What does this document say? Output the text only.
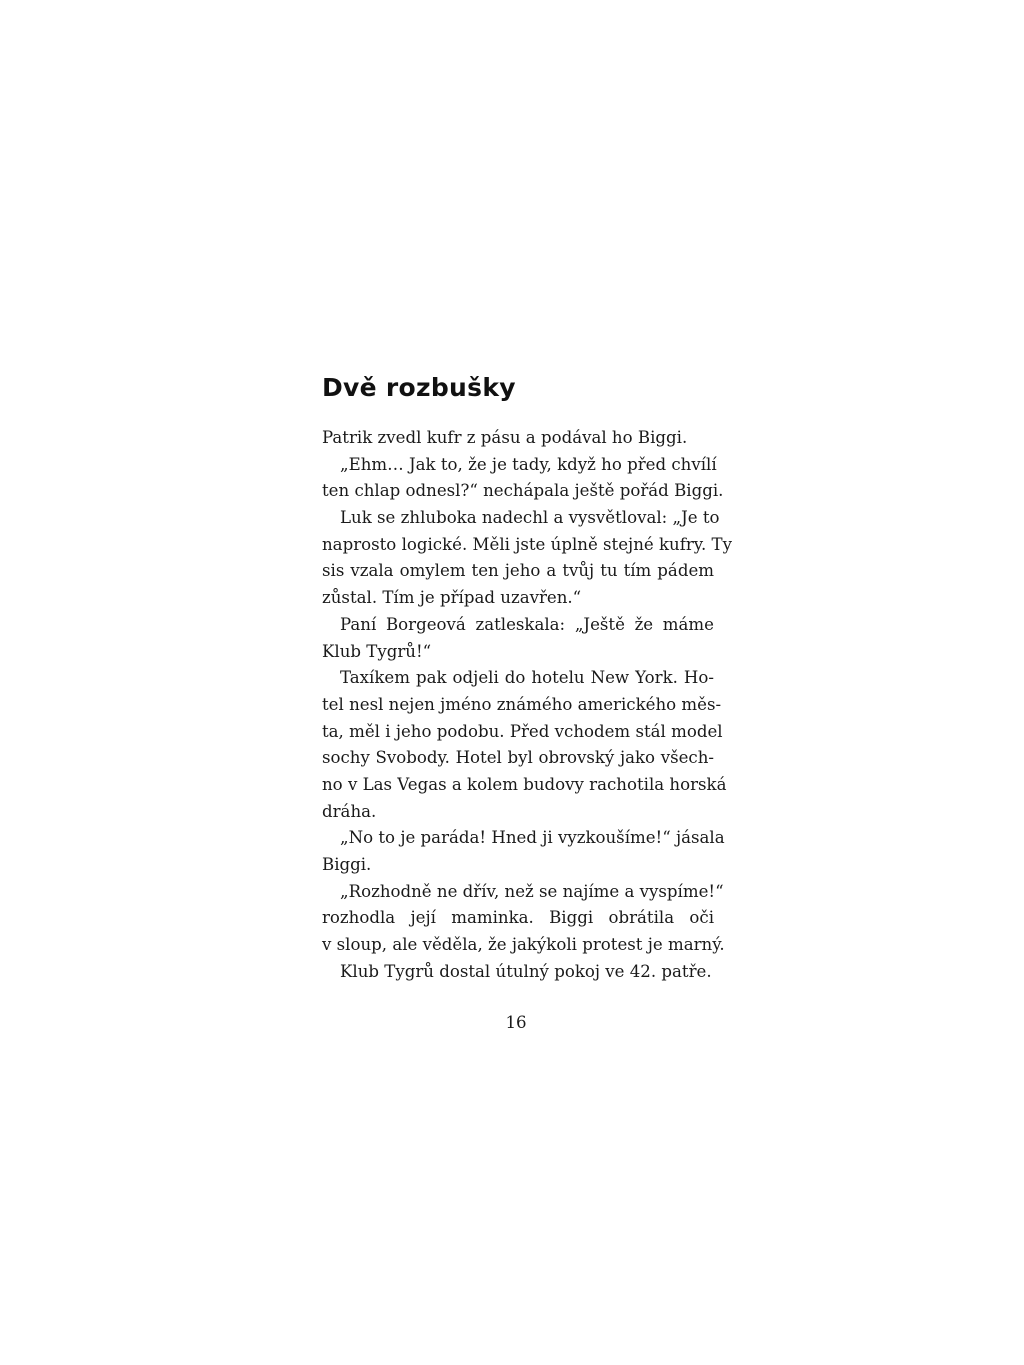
Dvě rozbušky
Patrik zvedl kufr z pásu a podával ho Biggi.
„Ehm… Jak to, že je tady, když ho před chvílí
ten chlap odnesl?“ nechápala ještě pořád Biggi.
Luk se zhluboka nadechl a vysvětloval: „Je to
naprosto logické. Měli jste úplně stejné kufry. Ty
sis vzala omylem ten jeho a tvůj tu tím pádem
zůstal. Tím je případ uzavřen.“
Paní Borgeová zatleskala: „Ještě že máme
Klub Tygrů!“
Taxíkem pak odjeli do hotelu New York. Ho-
tel nesl nejen jméno známého amerického měs-
ta, měl i jeho podobu. Před vchodem stál model
sochy Svobody. Hotel byl obrovský jako všech-
no v Las Vegas a kolem budovy rachotila horská
dráha.
„No to je paráda! Hned ji vyzkoušíme!“ jásala
Biggi.
„Rozhodně ne dřív, než se najíme a vyspíme!“
rozhodla její maminka. Biggi obrátila oči
v sloup, ale věděla, že jakýkoli protest je marný.
Klub Tygrů dostal útulný pokoj ve 42. patře.
16
